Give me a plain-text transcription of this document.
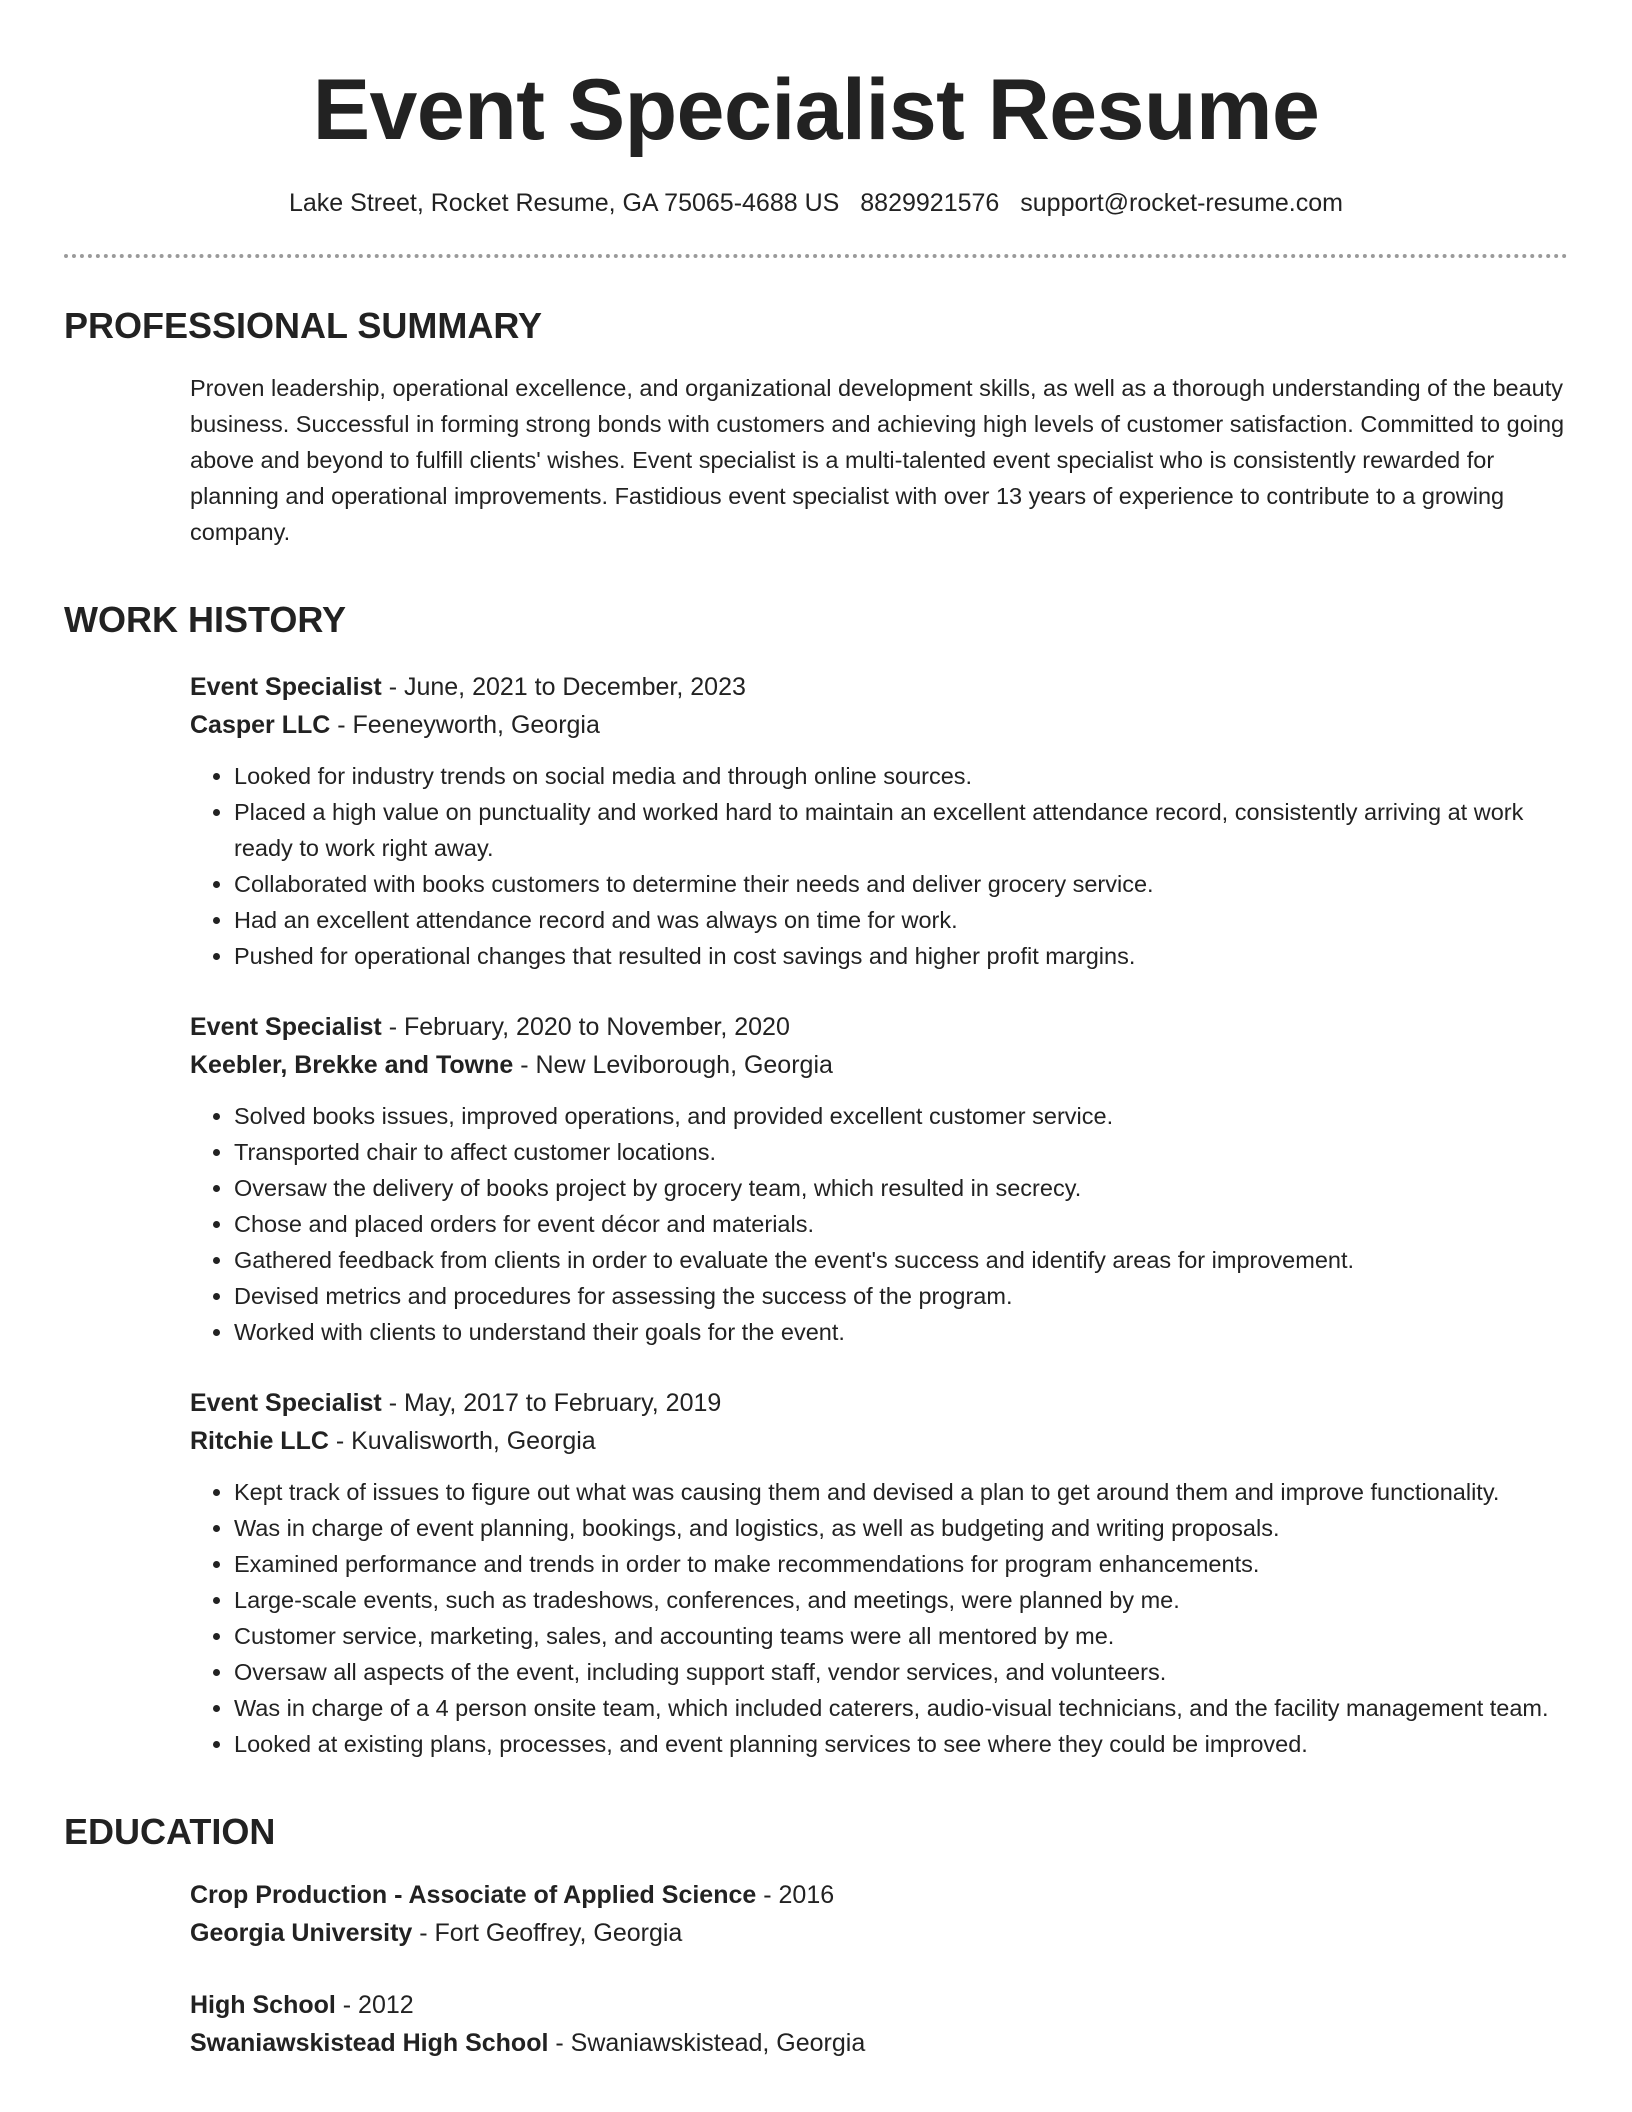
Event Specialist Resume
Lake Street, Rocket Resume, GA 75065-4688 US 8829921576 support@rocket-resume.com
PROFESSIONAL SUMMARY
Proven leadership, operational excellence, and organizational development skills, as well as a thorough understanding of the beauty business. Successful in forming strong bonds with customers and achieving high levels of customer satisfaction. Committed to going above and beyond to fulfill clients' wishes. Event specialist is a multi-talented event specialist who is consistently rewarded for planning and operational improvements. Fastidious event specialist with over 13 years of experience to contribute to a growing company.
WORK HISTORY
Event Specialist - June, 2021 to December, 2023
Casper LLC - Feeneyworth, Georgia
• Looked for industry trends on social media and through online sources.
• Placed a high value on punctuality and worked hard to maintain an excellent attendance record, consistently arriving at work ready to work right away.
• Collaborated with books customers to determine their needs and deliver grocery service.
• Had an excellent attendance record and was always on time for work.
• Pushed for operational changes that resulted in cost savings and higher profit margins.
Event Specialist - February, 2020 to November, 2020
Keebler, Brekke and Towne - New Leviborough, Georgia
• Solved books issues, improved operations, and provided excellent customer service.
• Transported chair to affect customer locations.
• Oversaw the delivery of books project by grocery team, which resulted in secrecy.
• Chose and placed orders for event décor and materials.
• Gathered feedback from clients in order to evaluate the event's success and identify areas for improvement.
• Devised metrics and procedures for assessing the success of the program.
• Worked with clients to understand their goals for the event.
Event Specialist - May, 2017 to February, 2019
Ritchie LLC - Kuvalisworth, Georgia
• Kept track of issues to figure out what was causing them and devised a plan to get around them and improve functionality.
• Was in charge of event planning, bookings, and logistics, as well as budgeting and writing proposals.
• Examined performance and trends in order to make recommendations for program enhancements.
• Large-scale events, such as tradeshows, conferences, and meetings, were planned by me.
• Customer service, marketing, sales, and accounting teams were all mentored by me.
• Oversaw all aspects of the event, including support staff, vendor services, and volunteers.
• Was in charge of a 4 person onsite team, which included caterers, audio-visual technicians, and the facility management team.
• Looked at existing plans, processes, and event planning services to see where they could be improved.
EDUCATION
Crop Production - Associate of Applied Science - 2016
Georgia University - Fort Geoffrey, Georgia
High School - 2012
Swaniawskistead High School - Swaniawskistead, Georgia
